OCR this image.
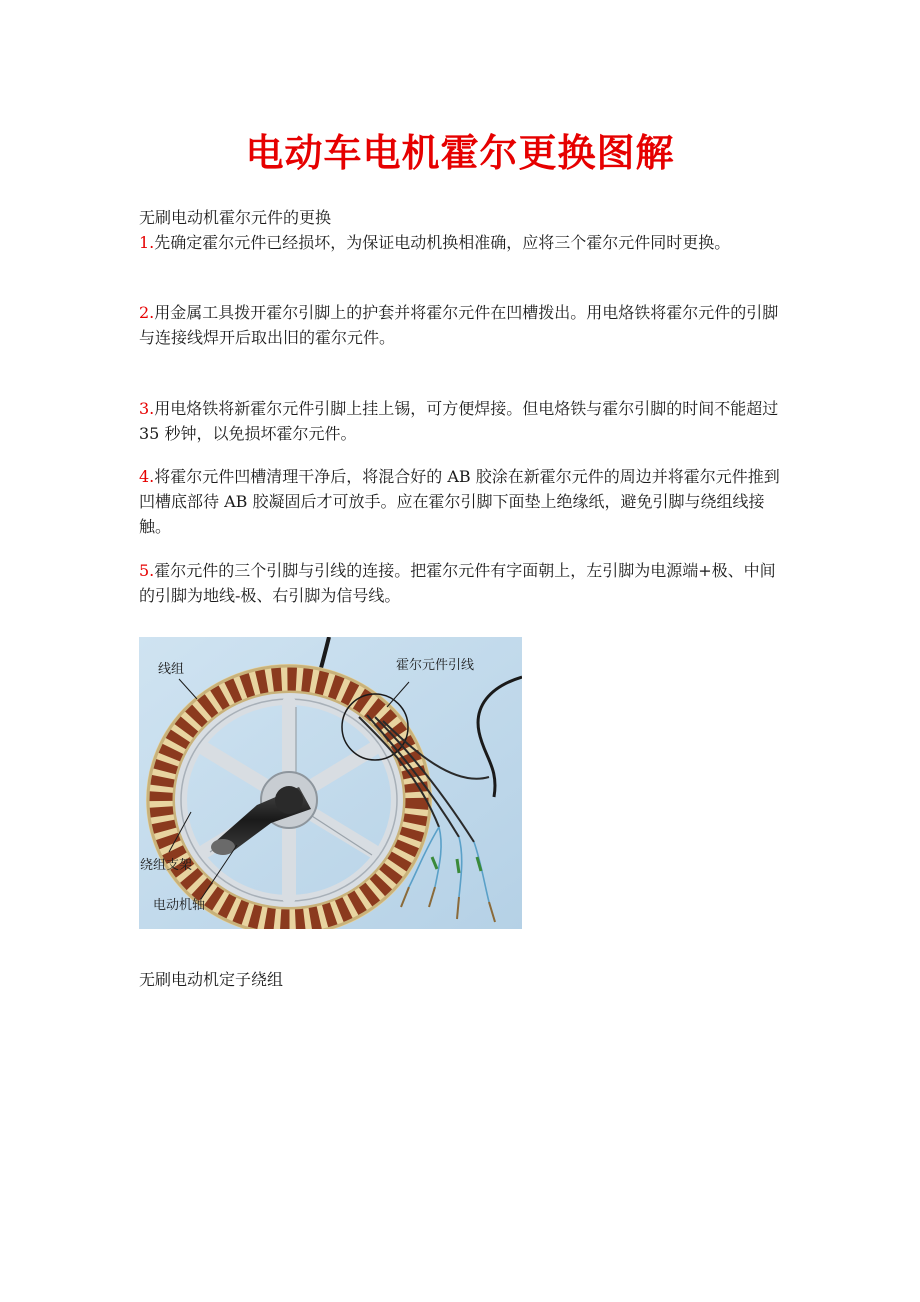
电动车电机霍尔更换图解
无刷电动机霍尔元件的更换
1.先确定霍尔元件已经损坏，为保证电动机换相准确，应将三个霍尔元件同时更换。
2.用金属工具拨开霍尔引脚上的护套并将霍尔元件在凹槽拨出。用电烙铁将霍尔元件的引脚与连接线焊开后取出旧的霍尔元件。
3.用电烙铁将新霍尔元件引脚上挂上锡，可方便焊接。但电烙铁与霍尔引脚的时间不能超过 35 秒钟，以免损坏霍尔元件。
4.将霍尔元件凹槽清理干净后，将混合好的 AB 胶涂在新霍尔元件的周边并将霍尔元件推到凹槽底部待 AB 胶凝固后才可放手。应在霍尔引脚下面垫上绝缘纸，避免引脚与绕组线接触。
5.霍尔元件的三个引脚与引线的连接。把霍尔元件有字面朝上，左引脚为电源端+极、中间的引脚为地线-极、右引脚为信号线。
线组	霍尔元件引线
绕组支架
电动机轴
无刷电动机定子绕组
